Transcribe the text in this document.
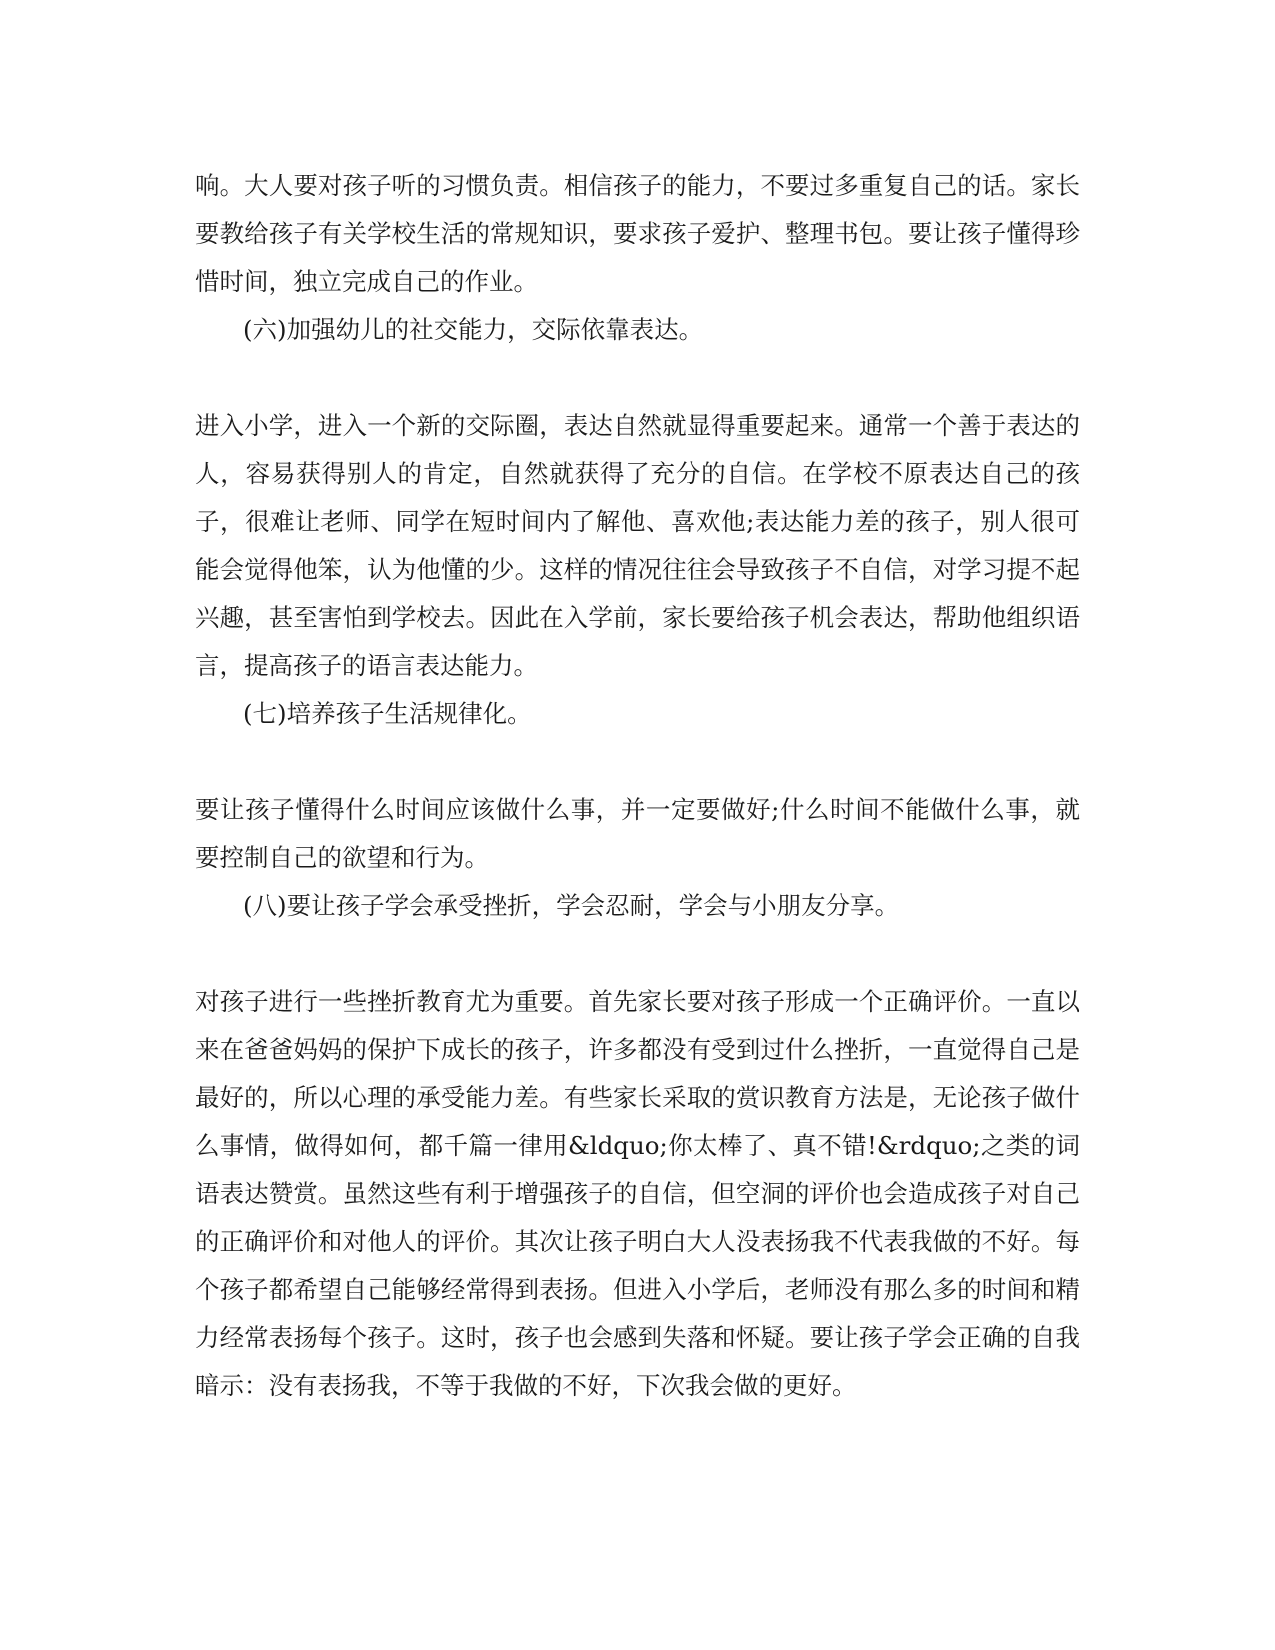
响。大人要对孩子听的习惯负责。相信孩子的能力，不要过多重复自己的话。家长要教给孩子有关学校生活的常规知识，要求孩子爱护、整理书包。要让孩子懂得珍惜时间，独立完成自己的作业。

(六)加强幼儿的社交能力，交际依靠表达。

进入小学，进入一个新的交际圈，表达自然就显得重要起来。通常一个善于表达的人，容易获得别人的肯定，自然就获得了充分的自信。在学校不原表达自己的孩子，很难让老师、同学在短时间内了解他、喜欢他;表达能力差的孩子，别人很可能会觉得他笨，认为他懂的少。这样的情况往往会导致孩子不自信，对学习提不起兴趣，甚至害怕到学校去。因此在入学前，家长要给孩子机会表达，帮助他组织语言，提高孩子的语言表达能力。

(七)培养孩子生活规律化。

要让孩子懂得什么时间应该做什么事，并一定要做好;什么时间不能做什么事，就要控制自己的欲望和行为。

(八)要让孩子学会承受挫折，学会忍耐，学会与小朋友分享。

对孩子进行一些挫折教育尤为重要。首先家长要对孩子形成一个正确评价。一直以来在爸爸妈妈的保护下成长的孩子，许多都没有受到过什么挫折，一直觉得自己是最好的，所以心理的承受能力差。有些家长采取的赏识教育方法是，无论孩子做什么事情，做得如何，都千篇一律用&ldquo;你太棒了、真不错!&rdquo;之类的词语表达赞赏。虽然这些有利于增强孩子的自信，但空洞的评价也会造成孩子对自己的正确评价和对他人的评价。其次让孩子明白大人没表扬我不代表我做的不好。每个孩子都希望自己能够经常得到表扬。但进入小学后，老师没有那么多的时间和精力经常表扬每个孩子。这时，孩子也会感到失落和怀疑。要让孩子学会正确的自我暗示：没有表扬我，不等于我做的不好，下次我会做的更好。
